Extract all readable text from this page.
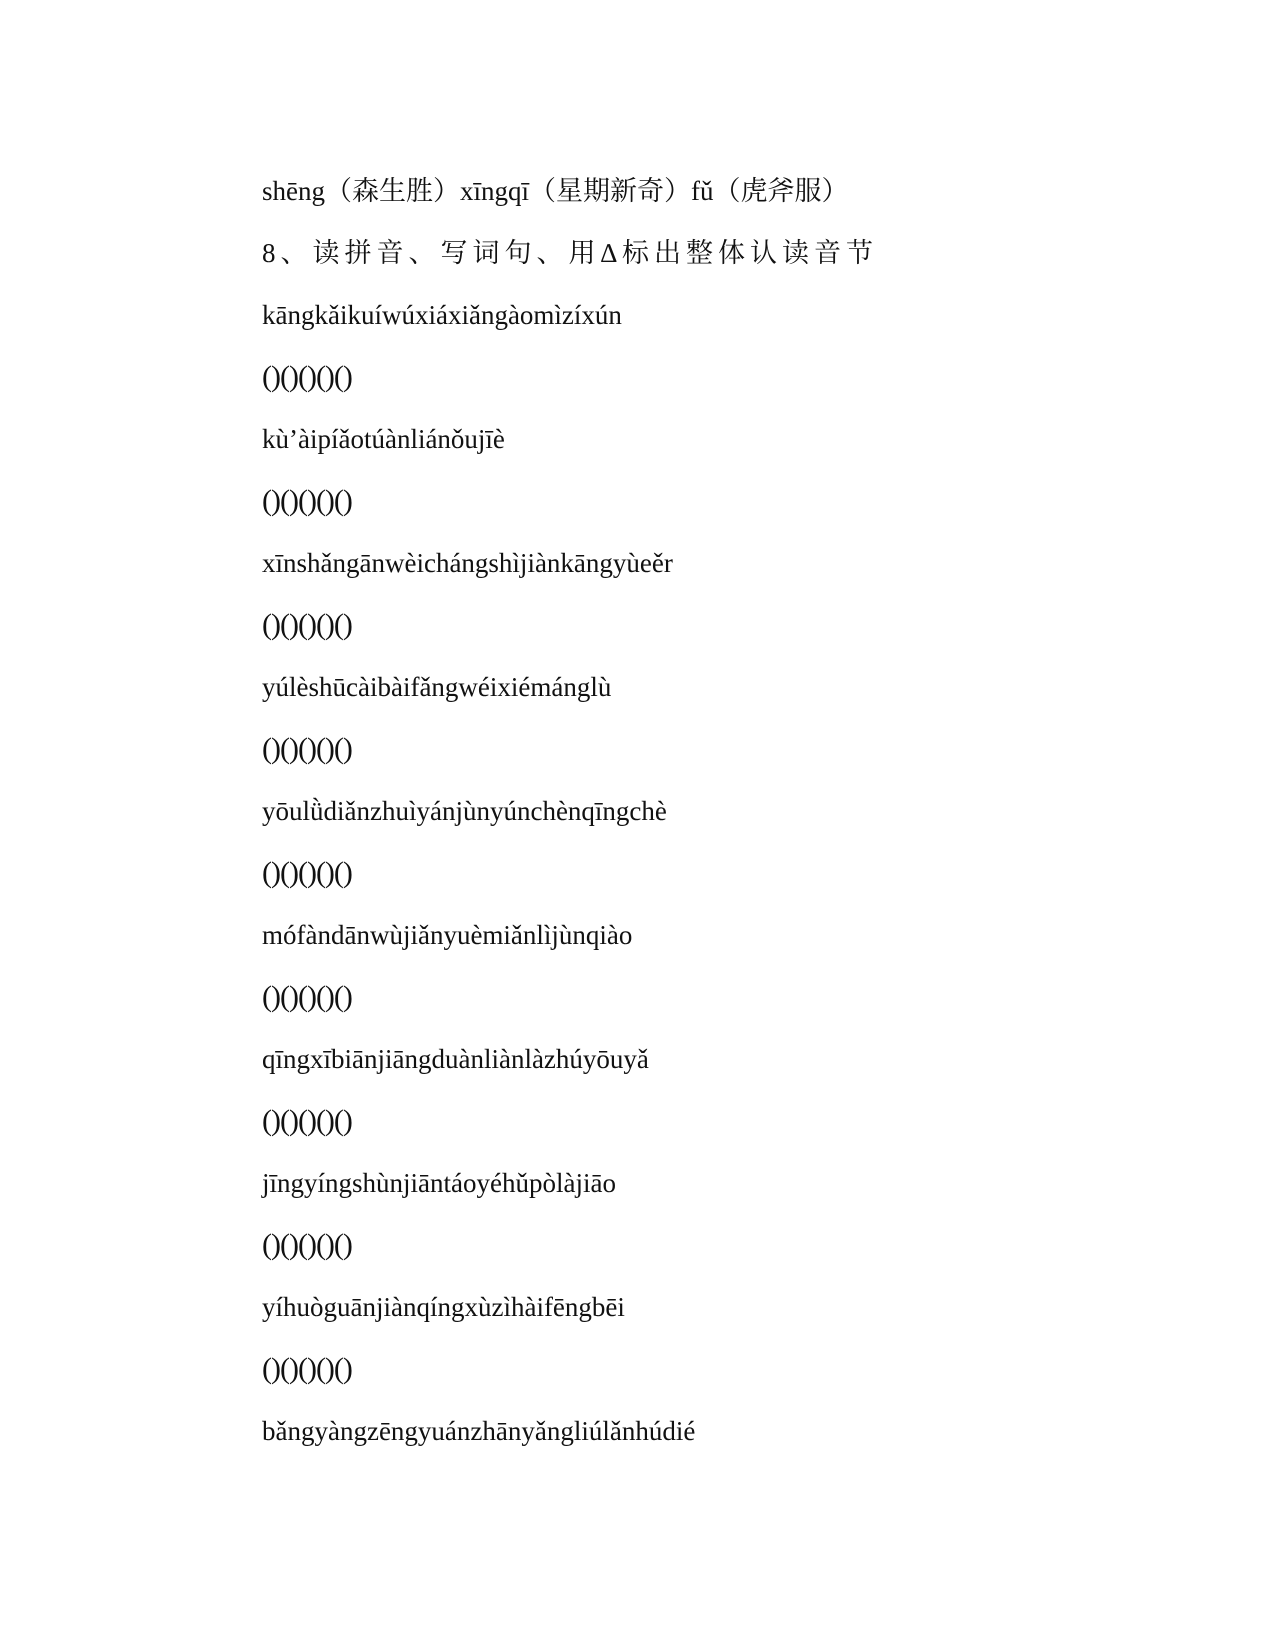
shēng（森生胜）xīngqī（星期新奇）fǔ（虎斧服）
8、读拼音、写词句、用∆标出整体认读音节
kāngkǎikuíwúxiáxiǎngàomìzíxún
()()()()()
kù’àipíǎotúànliánǒujīè
()()()()()
xīnshǎngānwèichángshìjiànkāngyùeěr
()()()()()
yúlèshūcàibàifǎngwéixiémánglù
()()()()()
yōulǜdiǎnzhuìyánjùnyúnchènqīngchè
()()()()()
mófàndānwùjiǎnyuèmiǎnlìjùnqiào
()()()()()
qīngxībiānjiāngduànliànlàzhúyōuyǎ
()()()()()
jīngyíngshùnjiāntáoyéhǔpòlàjiāo
()()()()()
yíhuòguānjiànqíngxùzìhàifēngbēi
()()()()()
bǎngyàngzēngyuánzhānyǎngliúlǎnhúdié
